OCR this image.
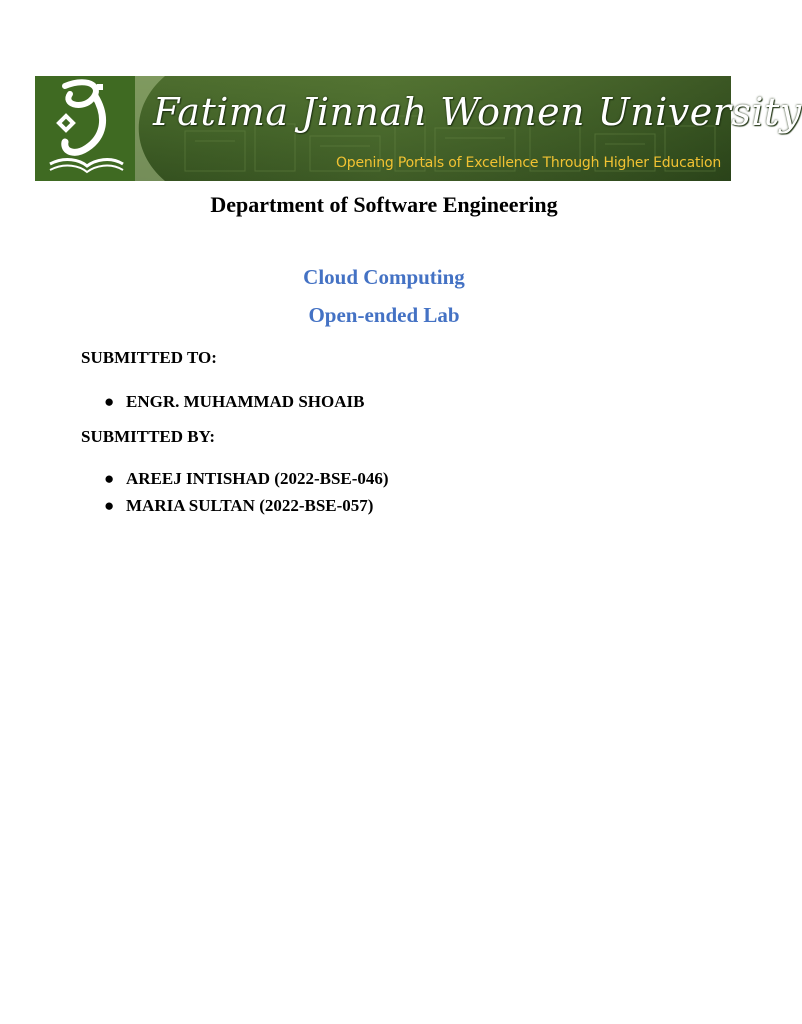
Fatima Jinnah Women University
Opening Portals of Excellence Through Higher Education
Department of Software Engineering
Cloud Computing
Open-ended Lab
SUBMITTED TO:
● ENGR. MUHAMMAD SHOAIB
SUBMITTED BY:
● AREEJ INTISHAD (2022-BSE-046)
● MARIA SULTAN (2022-BSE-057)
